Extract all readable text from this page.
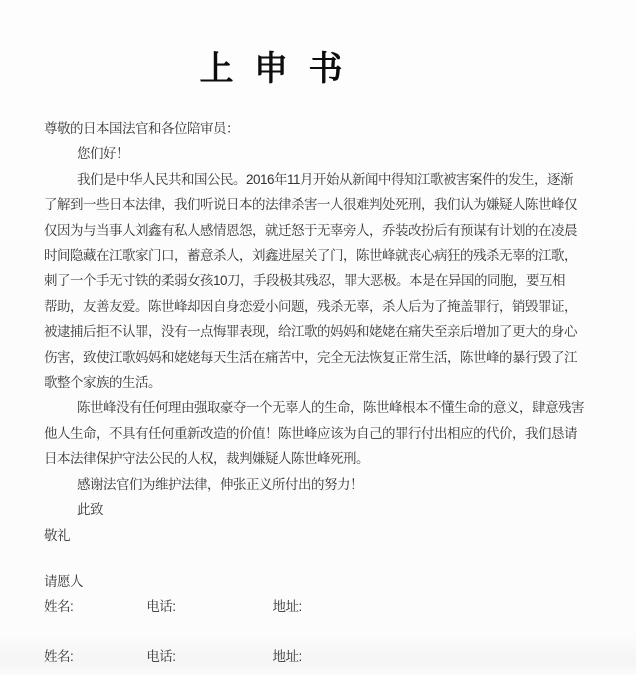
上 申 书
尊敬的日本国法官和各位陪审员：
您们好！
我们是中华人民共和国公民。2016年11月开始从新闻中得知江歌被害案件的发生，逐渐
了解到一些日本法律，我们听说日本的法律杀害一人很难判处死刑，我们认为嫌疑人陈世峰仅
仅因为与当事人刘鑫有私人感情恩怨，就迁怒于无辜旁人，乔装改扮后有预谋有计划的在凌晨
时间隐藏在江歌家门口，蓄意杀人，刘鑫进屋关了门，陈世峰就丧心病狂的残杀无辜的江歌，
刺了一个手无寸铁的柔弱女孩10刀，手段极其残忍，罪大恶极。本是在异国的同胞，要互相
帮助，友善友爱。陈世峰却因自身恋爱小问题，残杀无辜，杀人后为了掩盖罪行，销毁罪证，
被逮捕后拒不认罪，没有一点悔罪表现，给江歌的妈妈和姥姥在痛失至亲后增加了更大的身心
伤害，致使江歌妈妈和姥姥每天生活在痛苦中，完全无法恢复正常生活，陈世峰的暴行毁了江
歌整个家族的生活。
陈世峰没有任何理由强取豪夺一个无辜人的生命，陈世峰根本不懂生命的意义，肆意残害
他人生命，不具有任何重新改造的价值！陈世峰应该为自己的罪行付出相应的代价，我们恳请
日本法律保护守法公民的人权，裁判嫌疑人陈世峰死刑。
感谢法官们为维护法律，伸张正义所付出的努力！
此致
敬礼
请愿人
姓名:	电话:	地址:
姓名:	电话:	地址:
